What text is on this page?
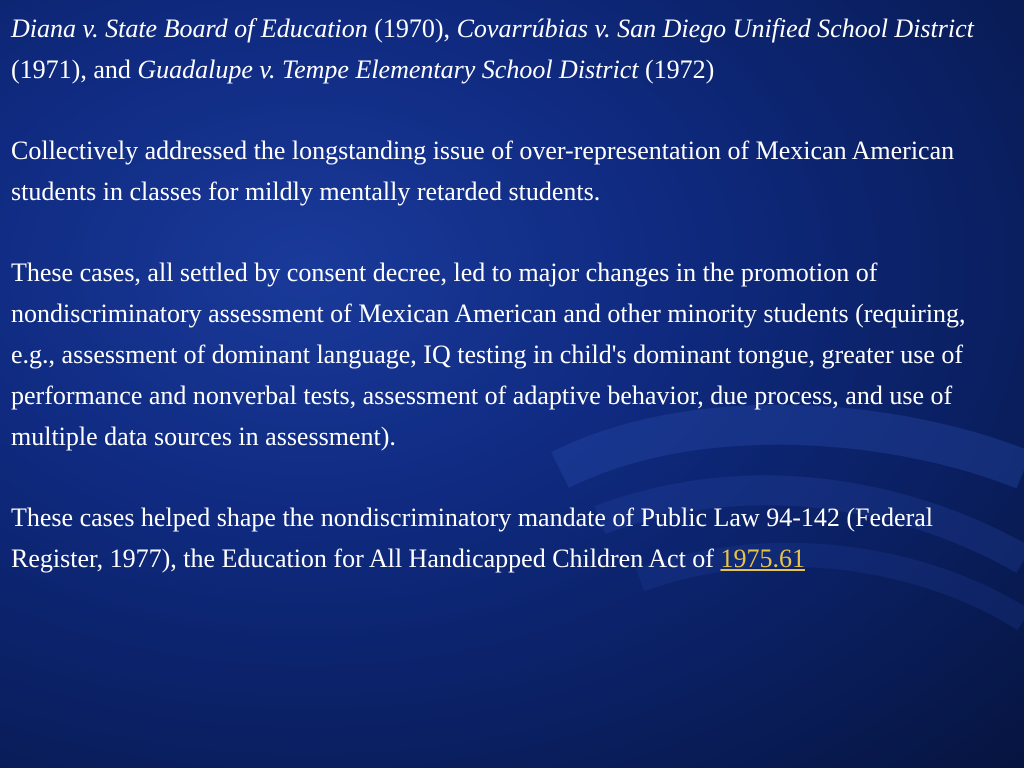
Diana v. State Board of Education (1970), Covarrúbias v. San Diego Unified School District (1971), and Guadalupe v. Tempe Elementary School District (1972)

Collectively addressed the longstanding issue of over-representation of Mexican American students in classes for mildly mentally retarded students.

These cases, all settled by consent decree, led to major changes in the promotion of nondiscriminatory assessment of Mexican American and other minority students (requiring, e.g., assessment of dominant language, IQ testing in child's dominant tongue, greater use of performance and nonverbal tests, assessment of adaptive behavior, due process, and use of multiple data sources in assessment).

These cases helped shape the nondiscriminatory mandate of Public Law 94-142 (Federal Register, 1977), the Education for All Handicapped Children Act of 1975.61
